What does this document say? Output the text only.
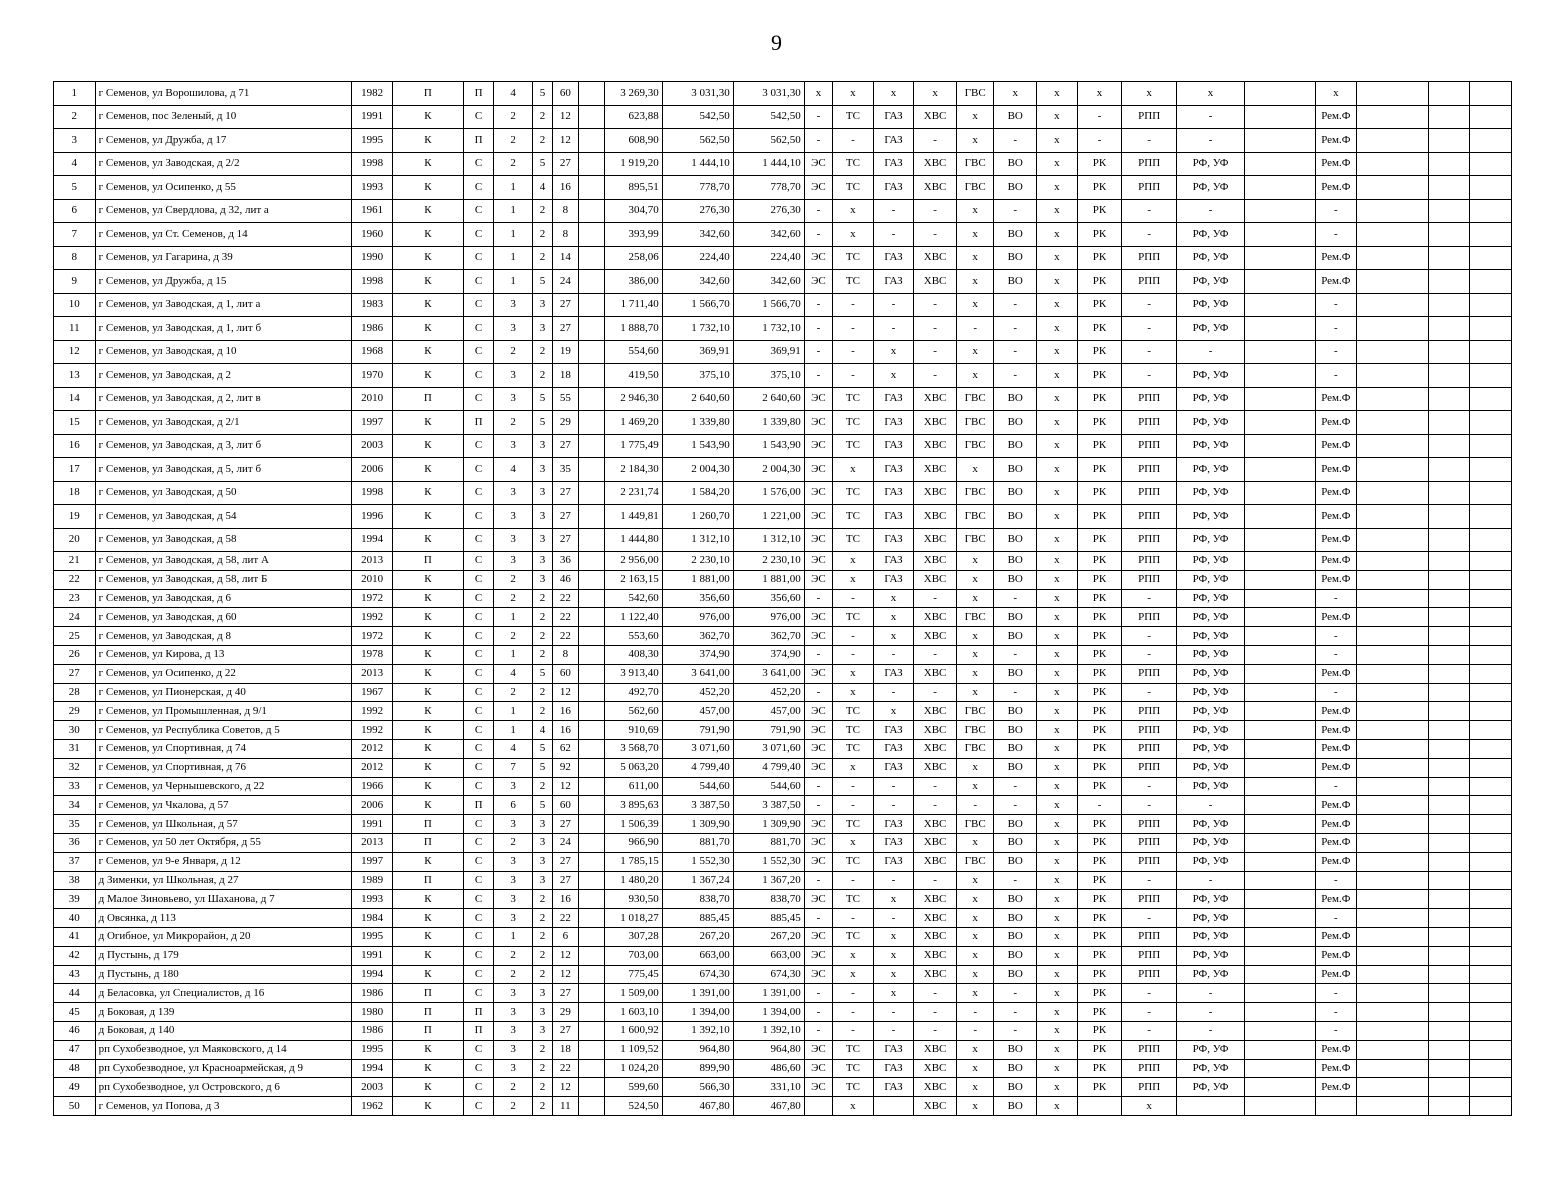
9
1	г Семенов, ул Ворошилова, д 71	1982	П	П	4	5	60		3 269,30	3 031,30	3 031,30	х	х	х	х	ГВС	х	х	х	х	х		х			
2	г Семенов, пос Зеленый, д 10	1991	К	С	2	2	12		623,88	542,50	542,50	-	ТС	ГАЗ	ХВС	х	ВО	х	-	РПП	-		Рем.Ф			
3	г Семенов, ул Дружба, д 17	1995	К	П	2	2	12		608,90	562,50	562,50	-	-	ГАЗ	-	х	-	х	-	-	-		Рем.Ф			
4	г Семенов, ул Заводская, д 2/2	1998	К	С	2	5	27		1 919,20	1 444,10	1 444,10	ЭС	ТС	ГАЗ	ХВС	ГВС	ВО	х	РК	РПП	РФ, УФ		Рем.Ф			
5	г Семенов, ул Осипенко, д 55	1993	К	С	1	4	16		895,51	778,70	778,70	ЭС	ТС	ГАЗ	ХВС	ГВС	ВО	х	РК	РПП	РФ, УФ		Рем.Ф			
6	г Семенов, ул Свердлова, д 32, лит а	1961	К	С	1	2	8		304,70	276,30	276,30	-	х	-	-	х	-	х	РК	-	-		-			
7	г Семенов, ул Ст. Семенов, д 14	1960	К	С	1	2	8		393,99	342,60	342,60	-	х	-	-	х	ВО	х	РК	-	РФ, УФ		-			
8	г Семенов, ул Гагарина, д 39	1990	К	С	1	2	14		258,06	224,40	224,40	ЭС	ТС	ГАЗ	ХВС	х	ВО	х	РК	РПП	РФ, УФ		Рем.Ф			
9	г Семенов, ул Дружба, д 15	1998	К	С	1	5	24		386,00	342,60	342,60	ЭС	ТС	ГАЗ	ХВС	х	ВО	х	РК	РПП	РФ, УФ		Рем.Ф			
10	г Семенов, ул Заводская, д 1, лит а	1983	К	С	3	3	27		1 711,40	1 566,70	1 566,70	-	-	-	-	х	-	х	РК	-	РФ, УФ		-			
11	г Семенов, ул Заводская, д 1, лит б	1986	К	С	3	3	27		1 888,70	1 732,10	1 732,10	-	-	-	-	-	-	х	РК	-	РФ, УФ		-			
12	г Семенов, ул Заводская, д 10	1968	К	С	2	2	19		554,60	369,91	369,91	-	-	х	-	х	-	х	РК	-	-		-			
13	г Семенов, ул Заводская, д 2	1970	К	С	3	2	18		419,50	375,10	375,10	-	-	х	-	х	-	х	РК	-	РФ, УФ		-			
14	г Семенов, ул Заводская, д 2, лит в	2010	П	С	3	5	55		2 946,30	2 640,60	2 640,60	ЭС	ТС	ГАЗ	ХВС	ГВС	ВО	х	РК	РПП	РФ, УФ		Рем.Ф			
15	г Семенов, ул Заводская, д 2/1	1997	К	П	2	5	29		1 469,20	1 339,80	1 339,80	ЭС	ТС	ГАЗ	ХВС	ГВС	ВО	х	РК	РПП	РФ, УФ		Рем.Ф			
16	г Семенов, ул Заводская, д 3, лит б	2003	К	С	3	3	27		1 775,49	1 543,90	1 543,90	ЭС	ТС	ГАЗ	ХВС	ГВС	ВО	х	РК	РПП	РФ, УФ		Рем.Ф			
17	г Семенов, ул Заводская, д 5, лит б	2006	К	С	4	3	35		2 184,30	2 004,30	2 004,30	ЭС	х	ГАЗ	ХВС	х	ВО	х	РК	РПП	РФ, УФ		Рем.Ф			
18	г Семенов, ул Заводская, д 50	1998	К	С	3	3	27		2 231,74	1 584,20	1 576,00	ЭС	ТС	ГАЗ	ХВС	ГВС	ВО	х	РК	РПП	РФ, УФ		Рем.Ф			
19	г Семенов, ул Заводская, д 54	1996	К	С	3	3	27		1 449,81	1 260,70	1 221,00	ЭС	ТС	ГАЗ	ХВС	ГВС	ВО	х	РК	РПП	РФ, УФ		Рем.Ф			
20	г Семенов, ул Заводская, д 58	1994	К	С	3	3	27		1 444,80	1 312,10	1 312,10	ЭС	ТС	ГАЗ	ХВС	ГВС	ВО	х	РК	РПП	РФ, УФ		Рем.Ф			
21	г Семенов, ул Заводская, д 58, лит А	2013	П	С	3	3	36		2 956,00	2 230,10	2 230,10	ЭС	х	ГАЗ	ХВС	х	ВО	х	РК	РПП	РФ, УФ		Рем.Ф			
22	г Семенов, ул Заводская, д 58, лит Б	2010	К	С	2	3	46		2 163,15	1 881,00	1 881,00	ЭС	х	ГАЗ	ХВС	х	ВО	х	РК	РПП	РФ, УФ		Рем.Ф			
23	г Семенов, ул Заводская, д 6	1972	К	С	2	2	22		542,60	356,60	356,60	-	-	х	-	х	-	х	РК	-	РФ, УФ		-			
24	г Семенов, ул Заводская, д 60	1992	К	С	1	2	22		1 122,40	976,00	976,00	ЭС	ТС	х	ХВС	ГВС	ВО	х	РК	РПП	РФ, УФ		Рем.Ф			
25	г Семенов, ул Заводская, д 8	1972	К	С	2	2	22		553,60	362,70	362,70	ЭС	-	х	ХВС	х	ВО	х	РК	-	РФ, УФ		-			
26	г Семенов, ул Кирова, д 13	1978	К	С	1	2	8		408,30	374,90	374,90	-	-	-	-	х	-	х	РК	-	РФ, УФ		-			
27	г Семенов, ул Осипенко, д 22	2013	К	С	4	5	60		3 913,40	3 641,00	3 641,00	ЭС	х	ГАЗ	ХВС	х	ВО	х	РК	РПП	РФ, УФ		Рем.Ф			
28	г Семенов, ул Пионерская, д 40	1967	К	С	2	2	12		492,70	452,20	452,20	-	х	-	-	х	-	х	РК	-	РФ, УФ		-			
29	г Семенов, ул Промышленная, д 9/1	1992	К	С	1	2	16		562,60	457,00	457,00	ЭС	ТС	х	ХВС	ГВС	ВО	х	РК	РПП	РФ, УФ		Рем.Ф			
30	г Семенов, ул Республика Советов, д 5	1992	К	С	1	4	16		910,69	791,90	791,90	ЭС	ТС	ГАЗ	ХВС	ГВС	ВО	х	РК	РПП	РФ, УФ		Рем.Ф			
31	г Семенов, ул Спортивная, д 74	2012	К	С	4	5	62		3 568,70	3 071,60	3 071,60	ЭС	ТС	ГАЗ	ХВС	ГВС	ВО	х	РК	РПП	РФ, УФ		Рем.Ф			
32	г Семенов, ул Спортивная, д 76	2012	К	С	7	5	92		5 063,20	4 799,40	4 799,40	ЭС	х	ГАЗ	ХВС	х	ВО	х	РК	РПП	РФ, УФ		Рем.Ф			
33	г Семенов, ул Чернышевского, д 22	1966	К	С	3	2	12		611,00	544,60	544,60	-	-	-	-	х	-	х	РК	-	РФ, УФ		-			
34	г Семенов, ул Чкалова, д 57	2006	К	П	6	5	60		3 895,63	3 387,50	3 387,50	-	-	-	-	-	-	х	-	-	-		Рем.Ф			
35	г Семенов, ул Школьная, д 57	1991	П	С	3	3	27		1 506,39	1 309,90	1 309,90	ЭС	ТС	ГАЗ	ХВС	ГВС	ВО	х	РК	РПП	РФ, УФ		Рем.Ф			
36	г Семенов, ул 50 лет Октября, д 55	2013	П	С	2	3	24		966,90	881,70	881,70	ЭС	х	ГАЗ	ХВС	х	ВО	х	РК	РПП	РФ, УФ		Рем.Ф			
37	г Семенов, ул 9-е Января, д 12	1997	К	С	3	3	27		1 785,15	1 552,30	1 552,30	ЭС	ТС	ГАЗ	ХВС	ГВС	ВО	х	РК	РПП	РФ, УФ		Рем.Ф			
38	д Зименки, ул Школьная, д 27	1989	П	С	3	3	27		1 480,20	1 367,24	1 367,20	-	-	-	-	х	-	х	РК	-	-		-			
39	д Малое Зиновьево, ул Шаханова, д 7	1993	К	С	3	2	16		930,50	838,70	838,70	ЭС	ТС	х	ХВС	х	ВО	х	РК	РПП	РФ, УФ		Рем.Ф			
40	д Овсянка, д 113	1984	К	С	3	2	22		1 018,27	885,45	885,45	-	-	-	ХВС	х	ВО	х	РК	-	РФ, УФ		-			
41	д Огибное, ул Микрорайон, д 20	1995	К	С	1	2	6		307,28	267,20	267,20	ЭС	ТС	х	ХВС	х	ВО	х	РК	РПП	РФ, УФ		Рем.Ф			
42	д Пустынь, д 179	1991	К	С	2	2	12		703,00	663,00	663,00	ЭС	х	х	ХВС	х	ВО	х	РК	РПП	РФ, УФ		Рем.Ф			
43	д Пустынь, д 180	1994	К	С	2	2	12		775,45	674,30	674,30	ЭС	х	х	ХВС	х	ВО	х	РК	РПП	РФ, УФ		Рем.Ф			
44	д Беласовка, ул Специалистов, д 16	1986	П	С	3	3	27		1 509,00	1 391,00	1 391,00	-	-	х	-	х	-	х	РК	-	-		-			
45	д Боковая, д 139	1980	П	П	3	3	29		1 603,10	1 394,00	1 394,00	-	-	-	-	-	-	х	РК	-	-		-			
46	д Боковая, д 140	1986	П	П	3	3	27		1 600,92	1 392,10	1 392,10	-	-	-	-	-	-	х	РК	-	-		-			
47	рп Сухобезводное, ул Маяковского, д 14	1995	К	С	3	2	18		1 109,52	964,80	964,80	ЭС	ТС	ГАЗ	ХВС	х	ВО	х	РК	РПП	РФ, УФ		Рем.Ф			
48	рп Сухобезводное, ул Красноармейская, д 9	1994	К	С	3	2	22		1 024,20	899,90	486,60	ЭС	ТС	ГАЗ	ХВС	х	ВО	х	РК	РПП	РФ, УФ		Рем.Ф			
49	рп Сухобезводное, ул Островского, д 6	2003	К	С	2	2	12		599,60	566,30	331,10	ЭС	ТС	ГАЗ	ХВС	х	ВО	х	РК	РПП	РФ, УФ		Рем.Ф			
50	г Семенов, ул Попова, д 3	1962	К	С	2	2	11		524,50	467,80	467,80		х		ХВС	х	ВО	х		х						
